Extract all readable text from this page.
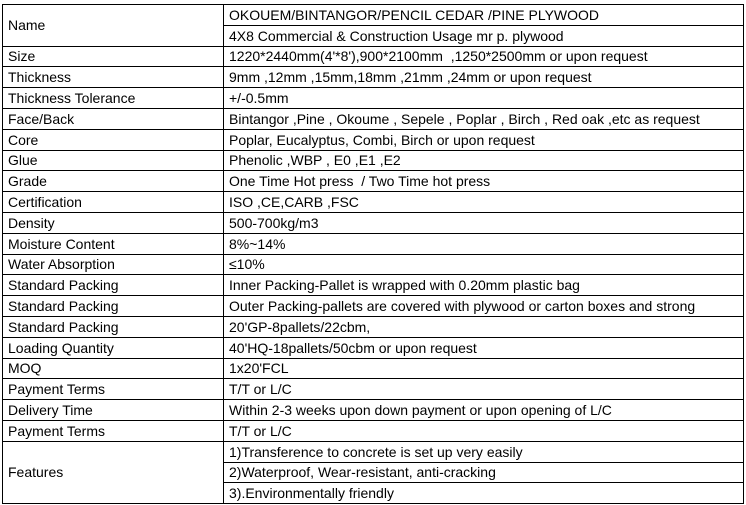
Name	OKOUEM/BINTANGOR/PENCIL CEDAR /PINE PLYWOOD
	4X8 Commercial & Construction Usage mr p. plywood
Size	1220*2440mm(4'*8'),900*2100mm  ,1250*2500mm or upon request
Thickness	9mm ,12mm ,15mm,18mm ,21mm ,24mm or upon request
Thickness Tolerance	+/-0.5mm
Face/Back	Bintangor ,Pine , Okoume , Sepele , Poplar , Birch , Red oak ,etc as request
Core	Poplar, Eucalyptus, Combi, Birch or upon request
Glue	Phenolic ,WBP , E0 ,E1 ,E2
Grade	One Time Hot press  / Two Time hot press
Certification	ISO ,CE,CARB ,FSC
Density	500-700kg/m3
Moisture Content	8%~14%
Water Absorption	≤10%
Standard Packing	Inner Packing-Pallet is wrapped with 0.20mm plastic bag
Standard Packing	Outer Packing-pallets are covered with plywood or carton boxes and strong
Standard Packing	20'GP-8pallets/22cbm,
Loading Quantity	40'HQ-18pallets/50cbm or upon request
MOQ	1x20'FCL
Payment Terms	T/T or L/C
Delivery Time	Within 2-3 weeks upon down payment or upon opening of L/C
Payment Terms	T/T or L/C
Features	1)Transference to concrete is set up very easily
	2)Waterproof, Wear-resistant, anti-cracking
	3).Environmentally friendly
